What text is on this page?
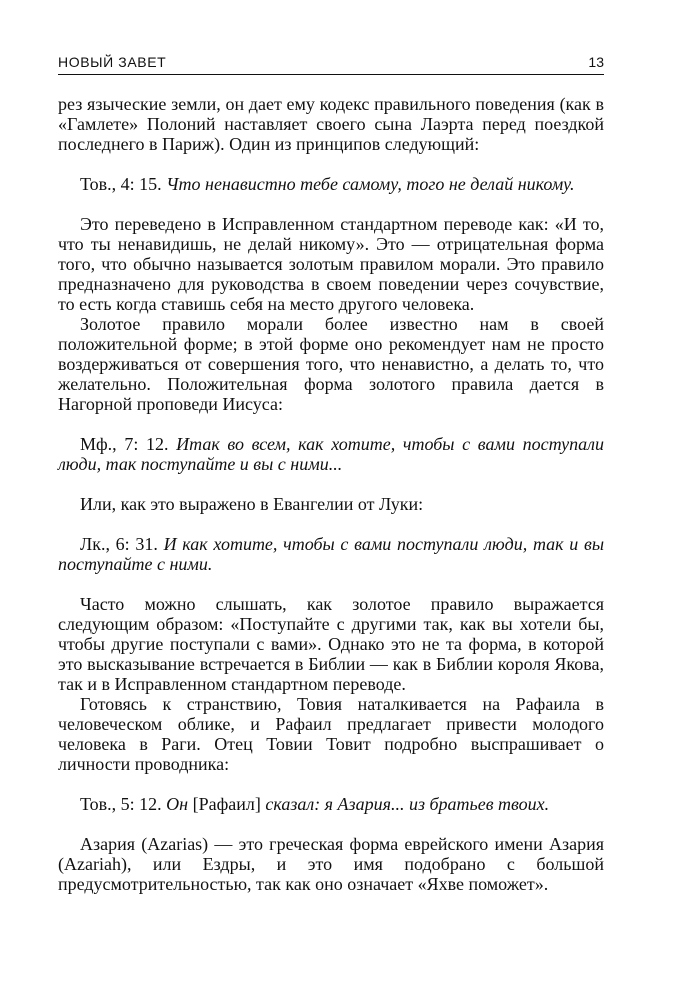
НОВЫЙ ЗАВЕТ	13

рез языческие земли, он дает ему кодекс правильного поведения (как в «Гамлете» Полоний наставляет своего сына Лаэрта перед поездкой последнего в Париж). Один из принципов следующий:

Тов., 4: 15. Что ненавистно тебе самому, того не делай никому.

Это переведено в Исправленном стандартном переводе как: «И то, что ты ненавидишь, не делай никому». Это — отрицательная форма того, что обычно называется золотым правилом морали. Это правило предназначено для руководства в своем поведении через сочувствие, то есть когда ставишь себя на место другого человека.

Золотое правило морали более известно нам в своей положительной форме; в этой форме оно рекомендует нам не просто воздерживаться от совершения того, что ненавистно, а делать то, что желательно. Положительная форма золотого правила дается в Нагорной проповеди Иисуса:

Мф., 7: 12. Итак во всем, как хотите, чтобы с вами поступали люди, так поступайте и вы с ними...

Или, как это выражено в Евангелии от Луки:

Лк., 6: 31. И как хотите, чтобы с вами поступали люди, так и вы поступайте с ними.

Часто можно слышать, как золотое правило выражается следующим образом: «Поступайте с другими так, как вы хотели бы, чтобы другие поступали с вами». Однако это не та форма, в которой это высказывание встречается в Библии — как в Библии короля Якова, так и в Исправленном стандартном переводе.

Готовясь к странствию, Товия наталкивается на Рафаила в человеческом облике, и Рафаил предлагает привести молодого человека в Раги. Отец Товии Товит подробно выспрашивает о личности проводника:

Тов., 5: 12. Он [Рафаил] сказал: я Азария... из братьев твоих.

Азария (Azarias) — это греческая форма еврейского имени Азария (Azariah), или Ездры, и это имя подобрано с большой предусмотрительностью, так как оно означает «Яхве поможет».
